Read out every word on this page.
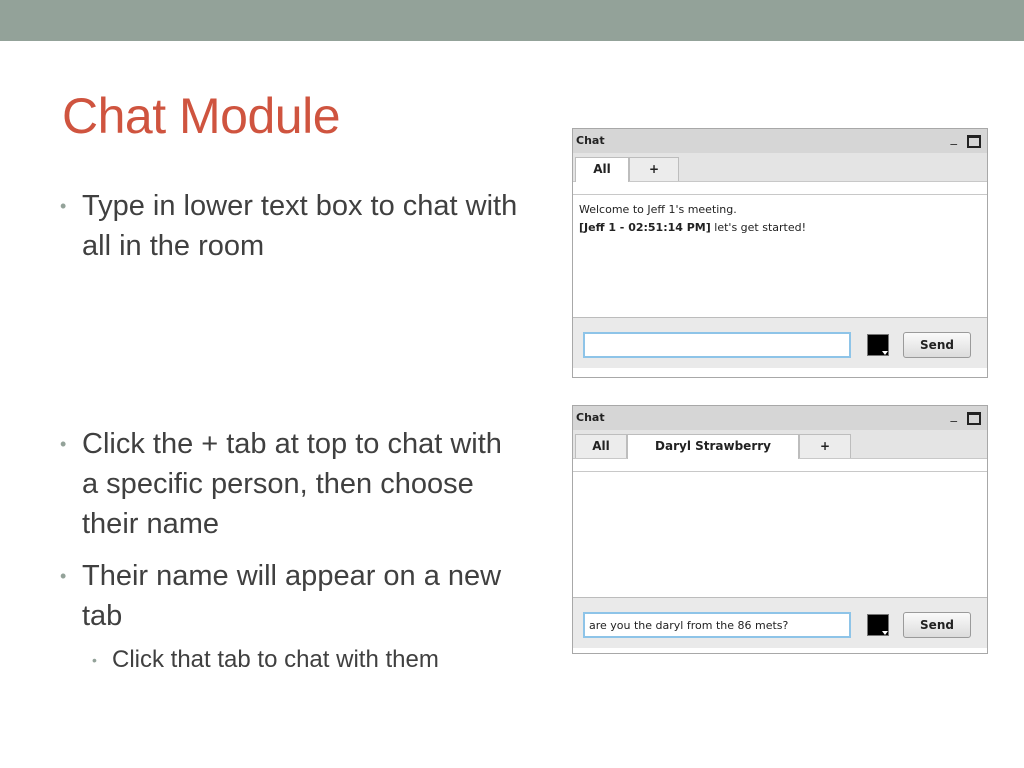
Chat Module
• Type in lower text box to chat with all in the room
• Click the + tab at top to chat with a specific person, then choose their name
• Their name will appear on a new tab
• Click that tab to chat with them
Chat	_
All	+
Welcome to Jeff 1's meeting.
[Jeff 1 - 02:51:14 PM] let's get started!
Send
Chat	_
All	Daryl Strawberry	+
are you the daryl from the 86 mets?
Send
